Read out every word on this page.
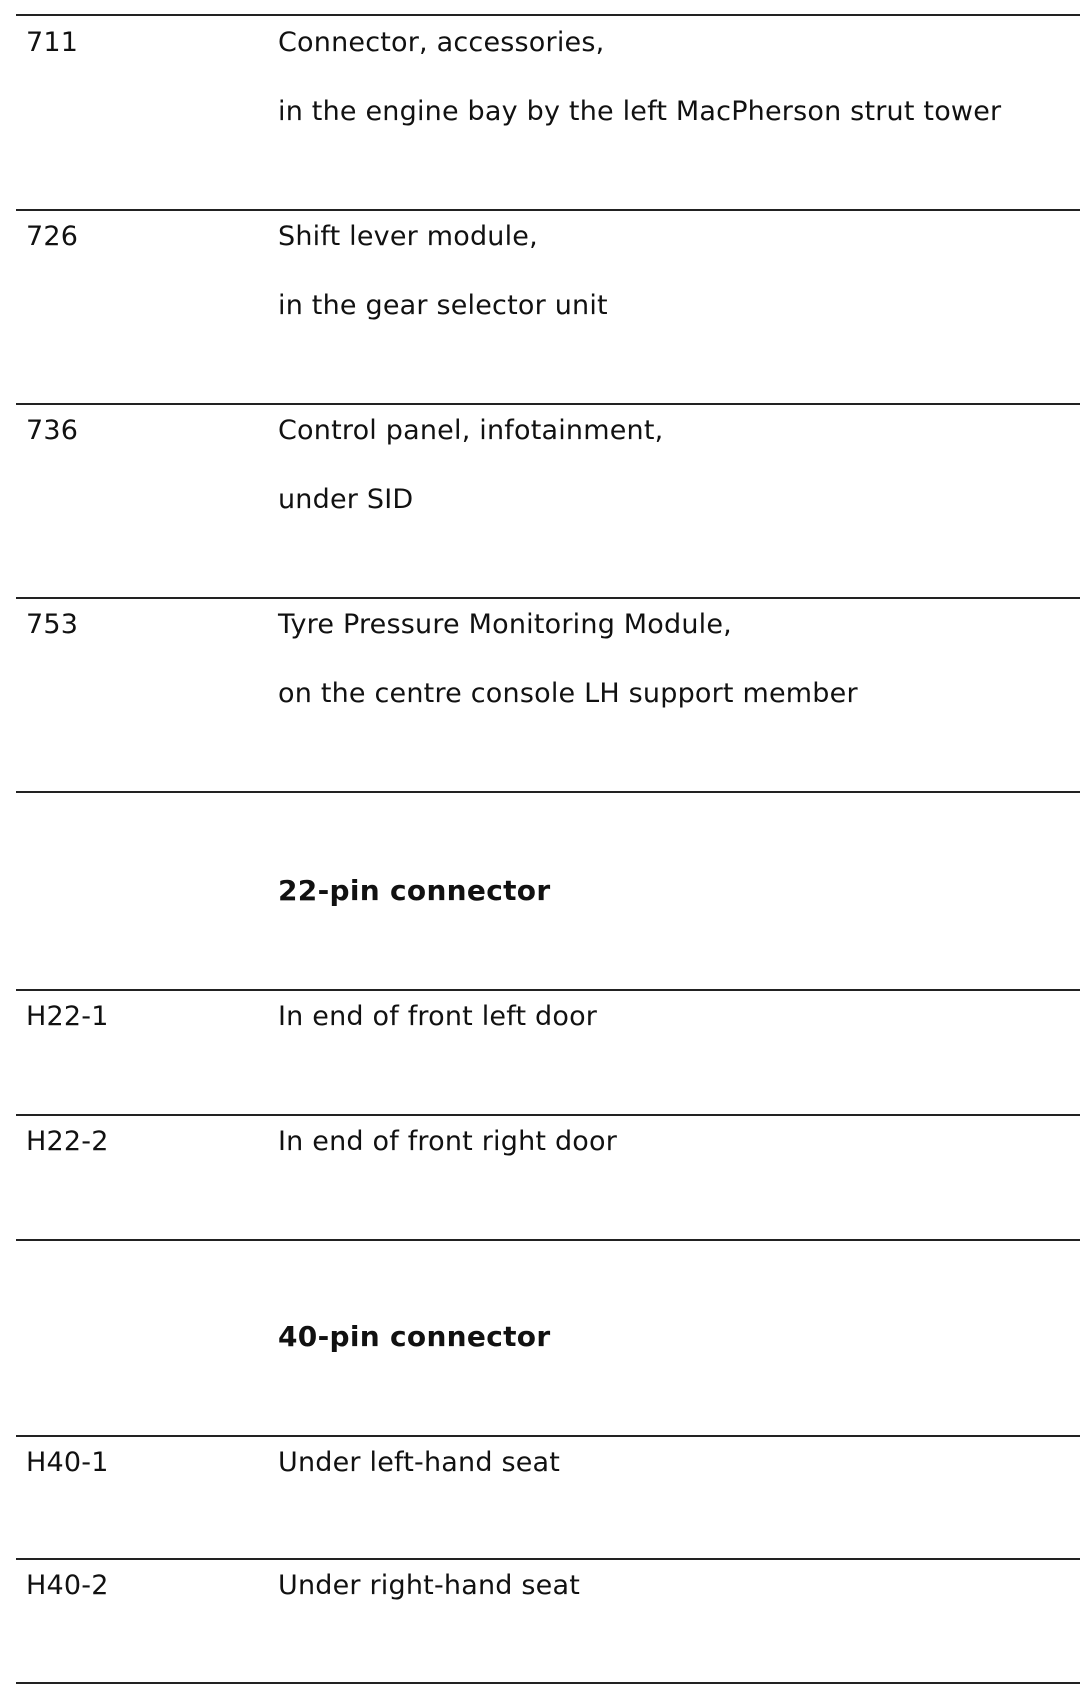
711	Connector, accessories,
in the engine bay by the left MacPherson strut tower
726	Shift lever module,
in the gear selector unit
736	Control panel, infotainment,
under SID
753	Tyre Pressure Monitoring Module,
on the centre console LH support member
22-pin connector
H22-1	In end of front left door
H22-2	In end of front right door
40-pin connector
H40-1	Under left-hand seat
H40-2	Under right-hand seat
